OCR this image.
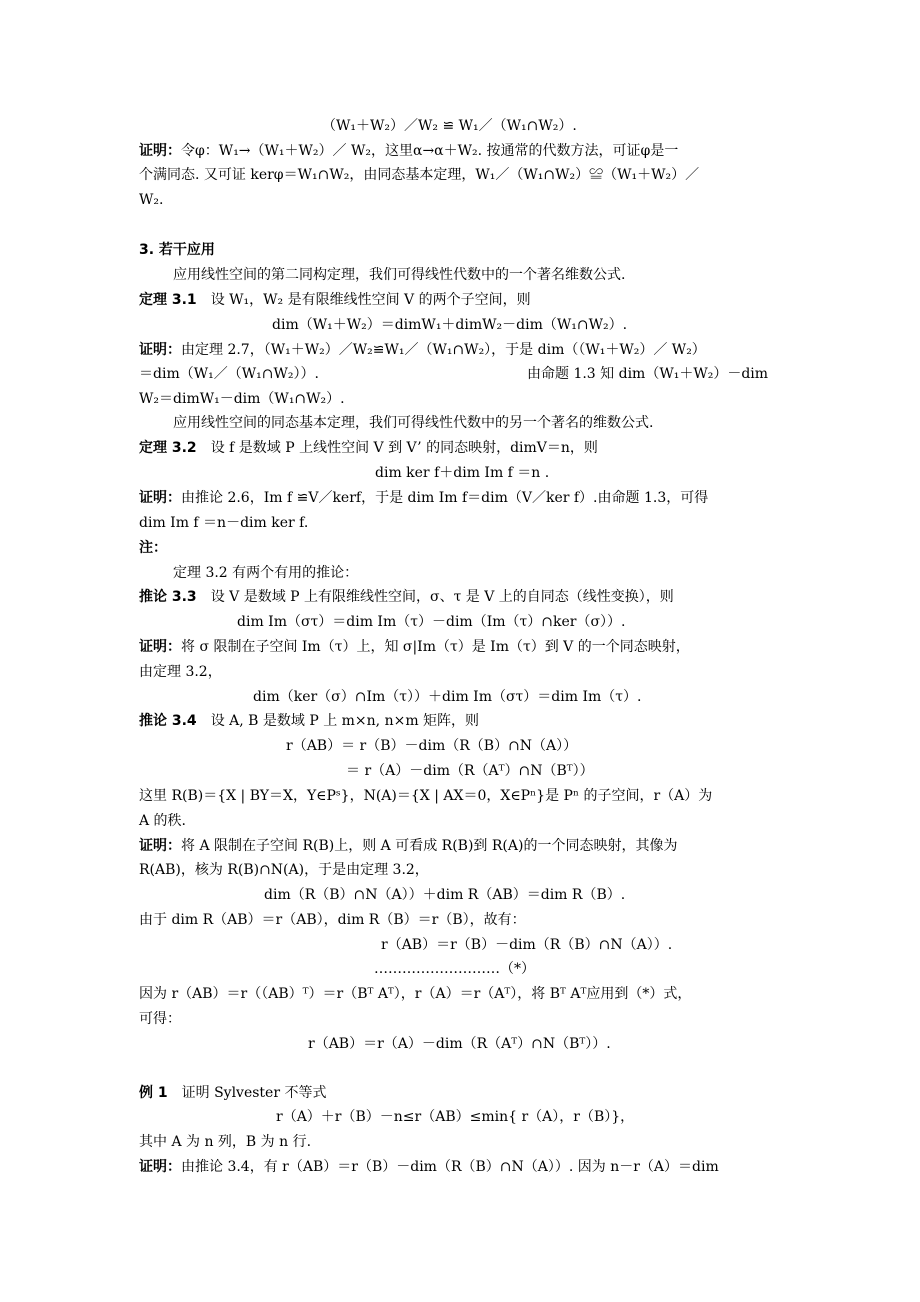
（W₁＋W₂）／W₂ ≌ W₁／（W₁∩W₂）.
证明：令φ：W₁→（W₁＋W₂）／ W₂，这里α→α＋W₂. 按通常的代数方法，可证φ是一
个满同态. 又可证 kerφ＝W₁∩W₂，由同态基本定理，W₁／（W₁∩W₂）≌（W₁＋W₂）／
W₂.
3. 若干应用
应用线性空间的第二同构定理，我们可得线性代数中的一个著名维数公式.
定理 3.1 设 W₁，W₂ 是有限维线性空间 V 的两个子空间，则
dim（W₁＋W₂）＝dimW₁＋dimW₂－dim（W₁∩W₂）.
证明：由定理 2.7，（W₁＋W₂）／W₂≌W₁／（W₁∩W₂），于是 dim（（W₁＋W₂）／ W₂）
＝dim（W₁／（W₁∩W₂））.	由命题 1.3 知 dim（W₁＋W₂）－dim
W₂＝dimW₁－dim（W₁∩W₂）.
应用线性空间的同态基本定理，我们可得线性代数中的另一个著名的维数公式.
定理 3.2 设 f 是数域 P 上线性空间 V 到 V’ 的同态映射，dimV＝n，则
dim ker f＋dim Im f ＝n .
证明：由推论 2.6，Im f ≌V／kerf，于是 dim Im f＝dim（V／ker f）.由命题 1.3，可得
dim Im f ＝n－dim ker f.
注：
定理 3.2 有两个有用的推论：
推论 3.3 设 V 是数域 P 上有限维线性空间，σ、τ 是 V 上的自同态（线性变换），则
dim Im（στ）＝dim Im（τ）－dim（Im（τ）∩ker（σ））.
证明：将 σ 限制在子空间 Im（τ）上，知 σ|Im（τ）是 Im（τ）到 V 的一个同态映射，
由定理 3.2，
dim（ker（σ）∩Im（τ））＋dim Im（στ）＝dim Im（τ）.
推论 3.4 设 A, B 是数域 P 上 m×n, n×m 矩阵，则
r（AB）＝ r（B）－dim（R（B）∩N（A））
＝ r（A）－dim（R（Aᵀ）∩N（Bᵀ））
这里 R(B)＝{X | BY＝X，Y∈Pˢ}，N(A)＝{X | AX＝0，X∈Pⁿ}是 Pⁿ 的子空间，r（A）为
A 的秩.
证明：将 A 限制在子空间 R(B)上，则 A 可看成 R(B)到 R(A)的一个同态映射，其像为
R(AB)，核为 R(B)∩N(A)，于是由定理 3.2，
dim（R（B）∩N（A））＋dim R（AB）＝dim R（B）.
由于 dim R（AB）＝r（AB），dim R（B）＝r（B），故有：
r（AB）＝r（B）－dim（R（B）∩N（A））.
………………………（*）
因为 r（AB）＝r（（AB）ᵀ）＝r（Bᵀ Aᵀ），r（A）＝r（Aᵀ），将 Bᵀ Aᵀ应用到（*）式，
可得：
r（AB）＝r（A）－dim（R（Aᵀ）∩N（Bᵀ））.
例 1 证明 Sylvester 不等式
r（A）＋r（B）－n≤r（AB）≤min{ r（A），r（B）}，
其中 A 为 n 列，B 为 n 行.
证明：由推论 3.4，有 r（AB）＝r（B）－dim（R（B）∩N（A））. 因为 n－r（A）＝dim
